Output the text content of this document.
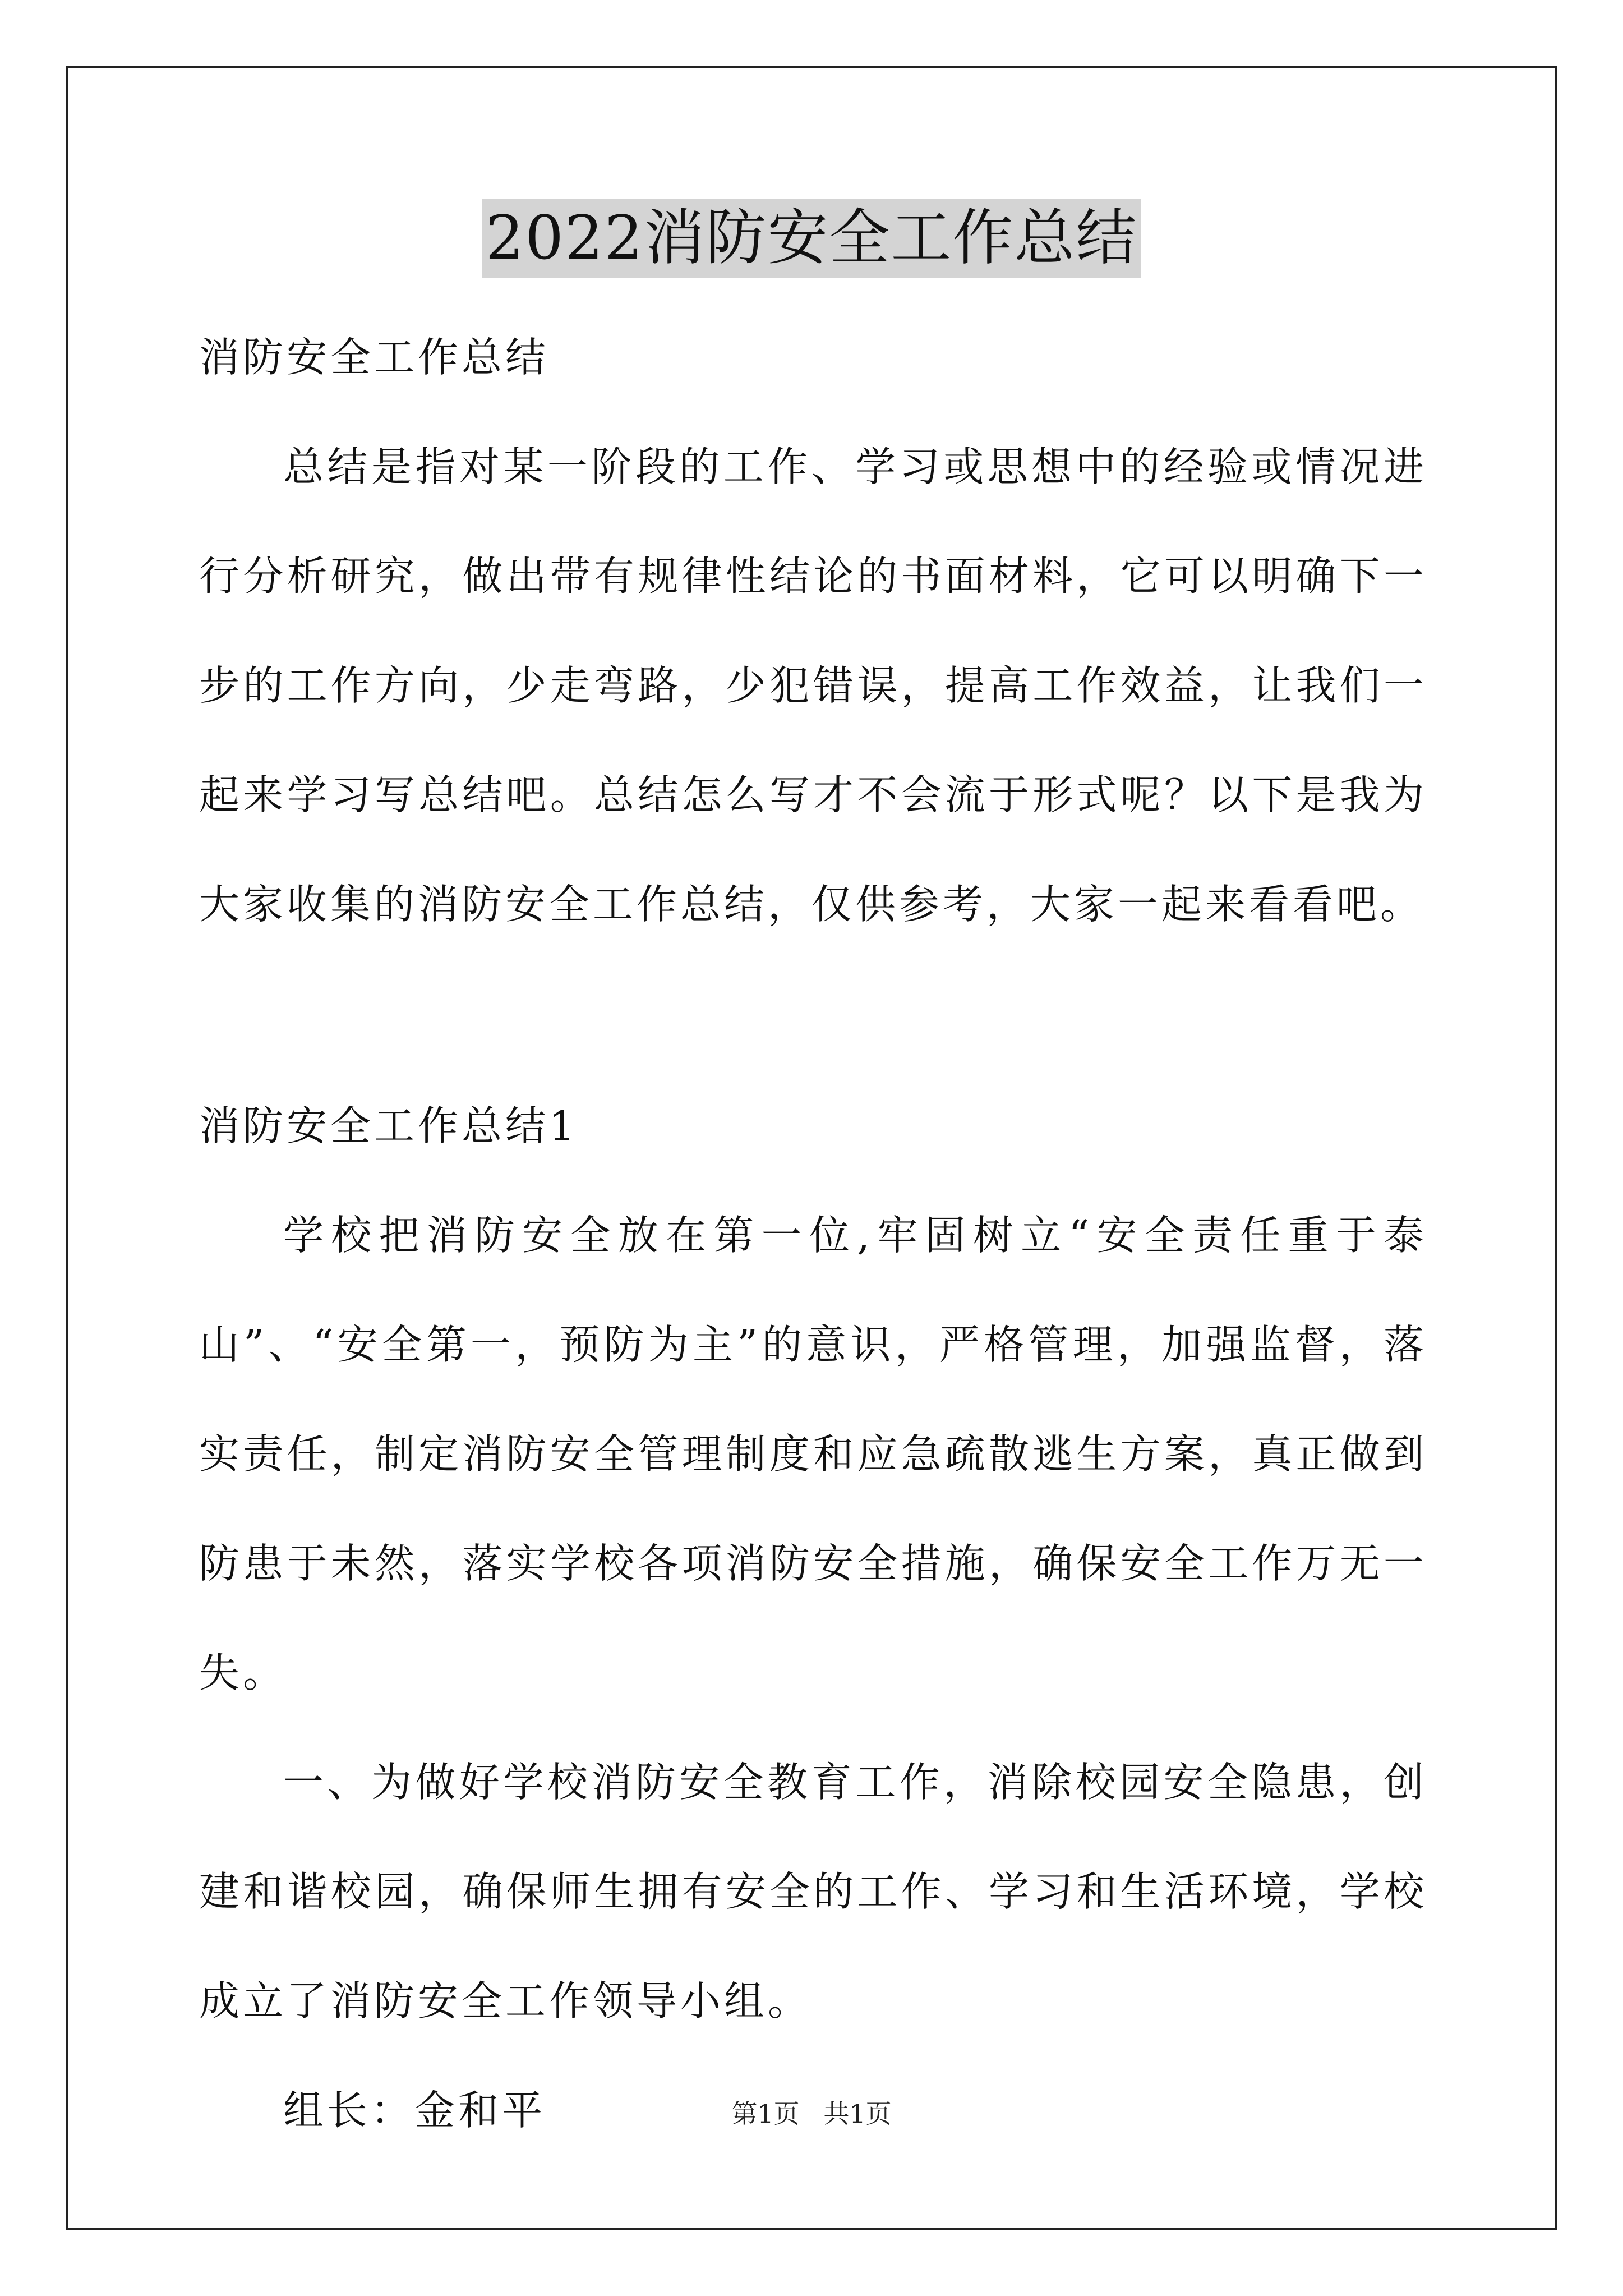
2022消防安全工作总结

消防安全工作总结

总结是指对某一阶段的工作、学习或思想中的经验或情况进行分析研究，做出带有规律性结论的书面材料，它可以明确下一步的工作方向，少走弯路，少犯错误，提高工作效益，让我们一起来学习写总结吧。总结怎么写才不会流于形式呢？以下是我为大家收集的消防安全工作总结，仅供参考，大家一起来看看吧。

消防安全工作总结1

学校把消防安全放在第一位,牢固树立“安全责任重于泰山”、“安全第一，预防为主”的意识，严格管理，加强监督，落实责任，制定消防安全管理制度和应急疏散逃生方案，真正做到防患于未然，落实学校各项消防安全措施，确保安全工作万无一失。

一、为做好学校消防安全教育工作，消除校园安全隐患，创建和谐校园，确保师生拥有安全的工作、学习和生活环境，学校成立了消防安全工作领导小组。

组长：金和平	第1页 共1页
